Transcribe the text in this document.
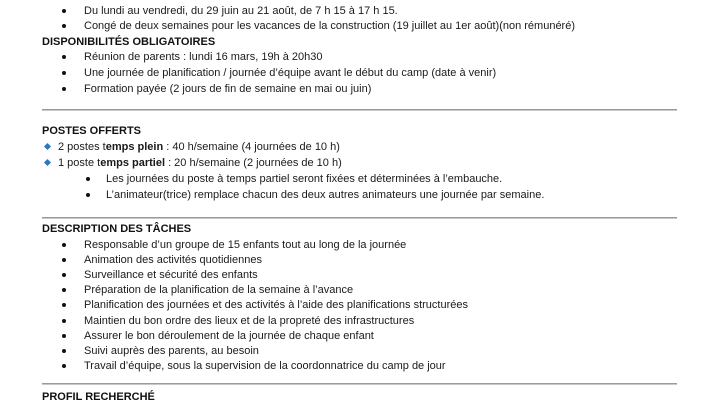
Du lundi au vendredi, du 29 juin au 21 août, de 7 h 15 à 17 h 15.
Congé de deux semaines pour les vacances de la construction (19 juillet au 1er août)(non rémunéré)
DISPONIBILITÉS OBLIGATOIRES
Réunion de parents : lundi 16 mars, 19h à 20h30
Une journée de planification / journée d’équipe avant le début du camp (date à venir)
Formation payée (2 jours de fin de semaine en mai ou juin)
POSTES OFFERTS
2 postes temps plein : 40 h/semaine (4 journées de 10 h)
1 poste temps partiel : 20 h/semaine (2 journées de 10 h)
Les journées du poste à temps partiel seront fixées et déterminées à l’embauche.
L’animateur(trice) remplace chacun des deux autres animateurs une journée par semaine.
DESCRIPTION DES TÂCHES
Responsable d’un groupe de 15 enfants tout au long de la journée
Animation des activités quotidiennes
Surveillance et sécurité des enfants
Préparation de la planification de la semaine à l’avance
Planification des journées et des activités à l’aide des planifications structurées
Maintien du bon ordre des lieux et de la propreté des infrastructures
Assurer le bon déroulement de la journée de chaque enfant
Suivi auprès des parents, au besoin
Travail d’équipe, sous la supervision de la coordonnatrice du camp de jour
PROFIL RECHERCHÉ
